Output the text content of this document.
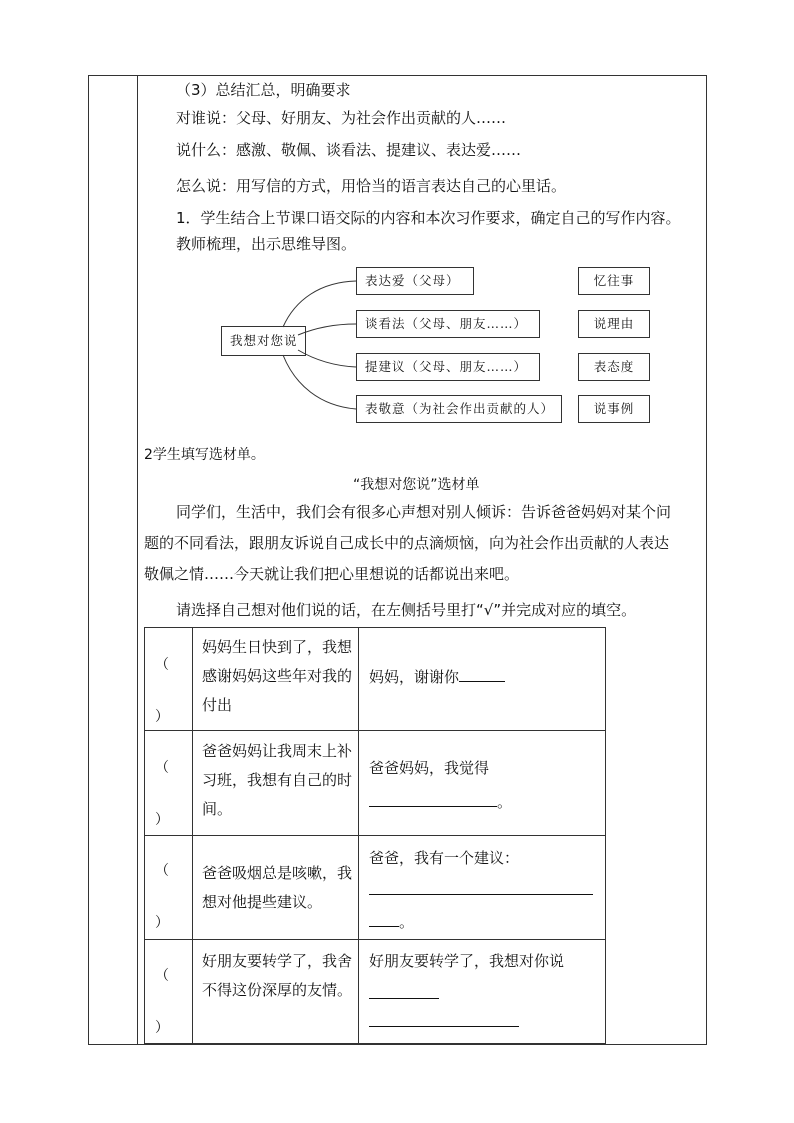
（3）总结汇总，明确要求
对谁说：父母、好朋友、为社会作出贡献的人……
说什么：感激、敬佩、谈看法、提建议、表达爱……
怎么说：用写信的方式，用恰当的语言表达自己的心里话。
1．学生结合上节课口语交际的内容和本次习作要求，确定自己的写作内容。
教师梳理，出示思维导图。
我想对您说
表达爱（父母）
谈看法（父母、朋友……）
提建议（父母、朋友……）
表敬意（为社会作出贡献的人）
忆往事
说理由
表态度
说事例
2学生填写选材单。
“我想对您说”选材单
同学们，生活中，我们会有很多心声想对别人倾诉：告诉爸爸妈妈对某个问
题的不同看法，跟朋友诉说自己成长中的点滴烦恼，向为社会作出贡献的人表达
敬佩之情……今天就让我们把心里想说的话都说出来吧。
请选择自己想对他们说的话，在左侧括号里打“√”并完成对应的填空。
（

）
妈妈生日快到了，我想感谢妈妈这些年对我的付出
妈妈，谢谢你
（

）
爸爸妈妈让我周末上补习班，我想有自己的时间。
爸爸妈妈，我觉得
。
（

）
爸爸吸烟总是咳嗽，我想对他提些建议。
爸爸，我有一个建议：
。
（

）
好朋友要转学了，我舍不得这份深厚的友情。
好朋友要转学了，我想对你说
